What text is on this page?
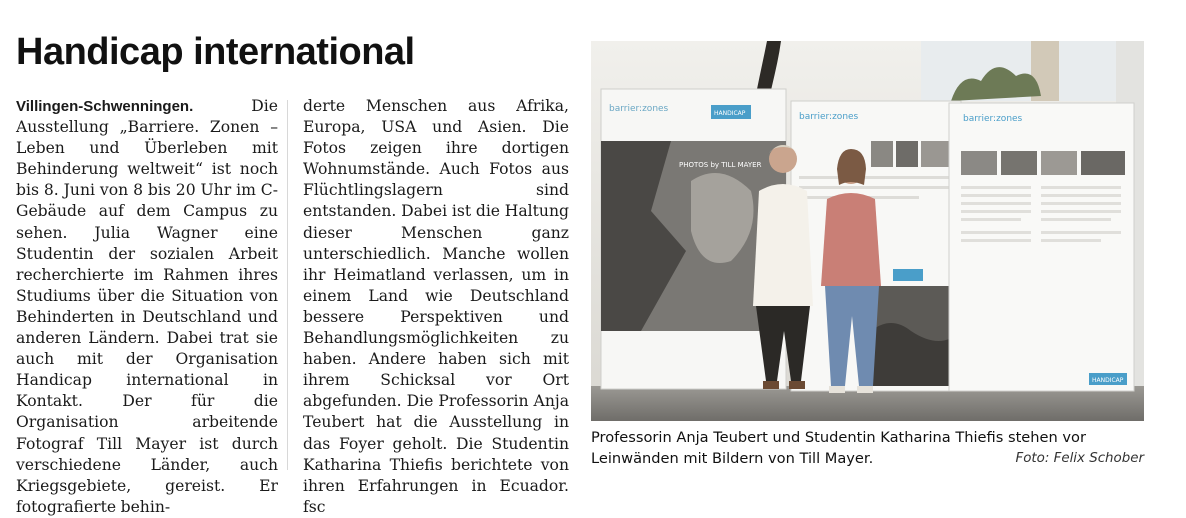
Handicap international

Villingen-Schwenningen. Die Ausstellung „Barriere. Zonen – Leben und Überleben mit Behinderung weltweit“ ist noch bis 8. Juni von 8 bis 20 Uhr im C-Gebäude auf dem Campus zu sehen. Julia Wagner eine Studentin der sozialen Arbeit recherchierte im Rahmen ihres Studiums über die Situation von Behinderten in Deutschland und anderen Ländern. Dabei trat sie auch mit der Organisation Handicap international in Kontakt. Der für die Organisation arbeitende Fotograf Till Mayer ist durch verschiedene Länder, auch Kriegsgebiete, gereist. Er fotografierte behin-

derte Menschen aus Afrika, Europa, USA und Asien. Die Fotos zeigen ihre dortigen Wohnumstände. Auch Fotos aus Flüchtlingslagern sind entstanden. Dabei ist die Haltung dieser Menschen ganz unterschiedlich. Manche wollen ihr Heimatland verlassen, um in einem Land wie Deutschland bessere Perspektiven und Behandlungsmöglichkeiten zu haben. Andere haben sich mit ihrem Schicksal vor Ort abgefunden. Die Professorin Anja Teubert hat die Ausstellung in das Foyer geholt. Die Studentin Katharina Thiefis berichtete von ihren Erfahrungen in Ecuador. fsc

barrier:zones	HANDICAP
PHOTOS by TILL MAYER
barrier:zones	barrier:zones
HANDICAP
Professorin Anja Teubert und Studentin Katharina Thiefis stehen vor Leinwänden mit Bildern von Till Mayer.	Foto: Felix Schober
